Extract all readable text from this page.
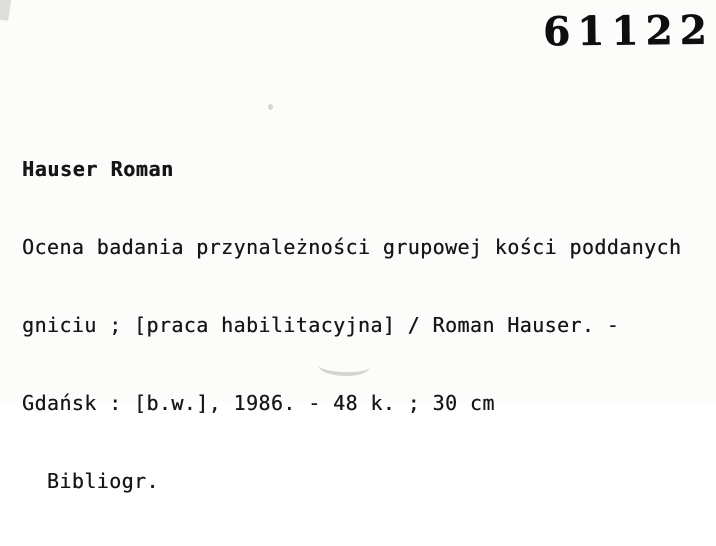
61122

Hauser Roman

Ocena badania przynależności grupowej kości poddanych

gniciu ; [praca habilitacyjna] / Roman Hauser. -

Gdańsk : [b.w.], 1986. - 48 k. ; 30 cm

Bibliogr.
